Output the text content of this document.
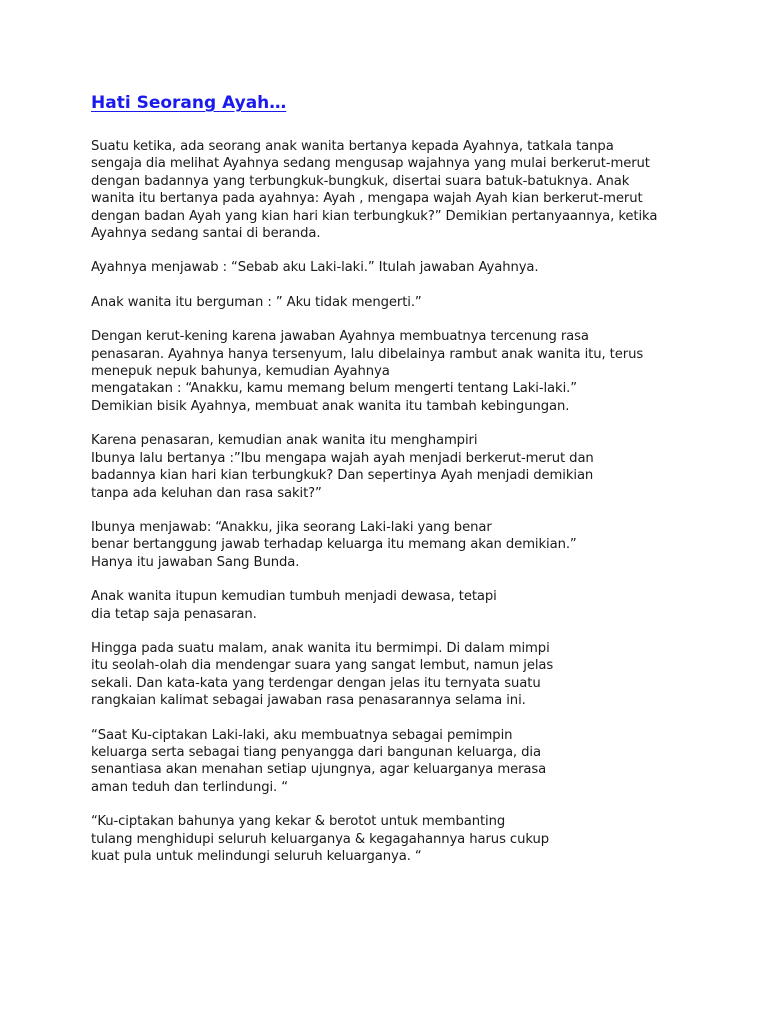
Hati Seorang Ayah…
Suatu ketika, ada seorang anak wanita bertanya kepada Ayahnya, tatkala tanpa
sengaja dia melihat Ayahnya sedang mengusap wajahnya yang mulai berkerut-merut
dengan badannya yang terbungkuk-bungkuk, disertai suara batuk-batuknya. Anak
wanita itu bertanya pada ayahnya: Ayah , mengapa wajah Ayah kian berkerut-merut
dengan badan Ayah yang kian hari kian terbungkuk?” Demikian pertanyaannya, ketika
Ayahnya sedang santai di beranda.
Ayahnya menjawab : “Sebab aku Laki-laki.” Itulah jawaban Ayahnya.
Anak wanita itu berguman : ” Aku tidak mengerti.”
Dengan kerut-kening karena jawaban Ayahnya membuatnya tercenung rasa
penasaran. Ayahnya hanya tersenyum, lalu dibelainya rambut anak wanita itu, terus
menepuk nepuk bahunya, kemudian Ayahnya
mengatakan : “Anakku, kamu memang belum mengerti tentang Laki-laki.”
Demikian bisik Ayahnya, membuat anak wanita itu tambah kebingungan.
Karena penasaran, kemudian anak wanita itu menghampiri
Ibunya lalu bertanya :”Ibu mengapa wajah ayah menjadi berkerut-merut dan
badannya kian hari kian terbungkuk? Dan sepertinya Ayah menjadi demikian
tanpa ada keluhan dan rasa sakit?”
Ibunya menjawab: “Anakku, jika seorang Laki-laki yang benar
benar bertanggung jawab terhadap keluarga itu memang akan demikian.”
Hanya itu jawaban Sang Bunda.
Anak wanita itupun kemudian tumbuh menjadi dewasa, tetapi
dia tetap saja penasaran.
Hingga pada suatu malam, anak wanita itu bermimpi. Di dalam mimpi
itu seolah-olah dia mendengar suara yang sangat lembut, namun jelas
sekali. Dan kata-kata yang terdengar dengan jelas itu ternyata suatu
rangkaian kalimat sebagai jawaban rasa penasarannya selama ini.
“Saat Ku-ciptakan Laki-laki, aku membuatnya sebagai pemimpin
keluarga serta sebagai tiang penyangga dari bangunan keluarga, dia
senantiasa akan menahan setiap ujungnya, agar keluarganya merasa
aman teduh dan terlindungi. “
“Ku-ciptakan bahunya yang kekar & berotot untuk membanting
tulang menghidupi seluruh keluarganya & kegagahannya harus cukup
kuat pula untuk melindungi seluruh keluarganya. “
